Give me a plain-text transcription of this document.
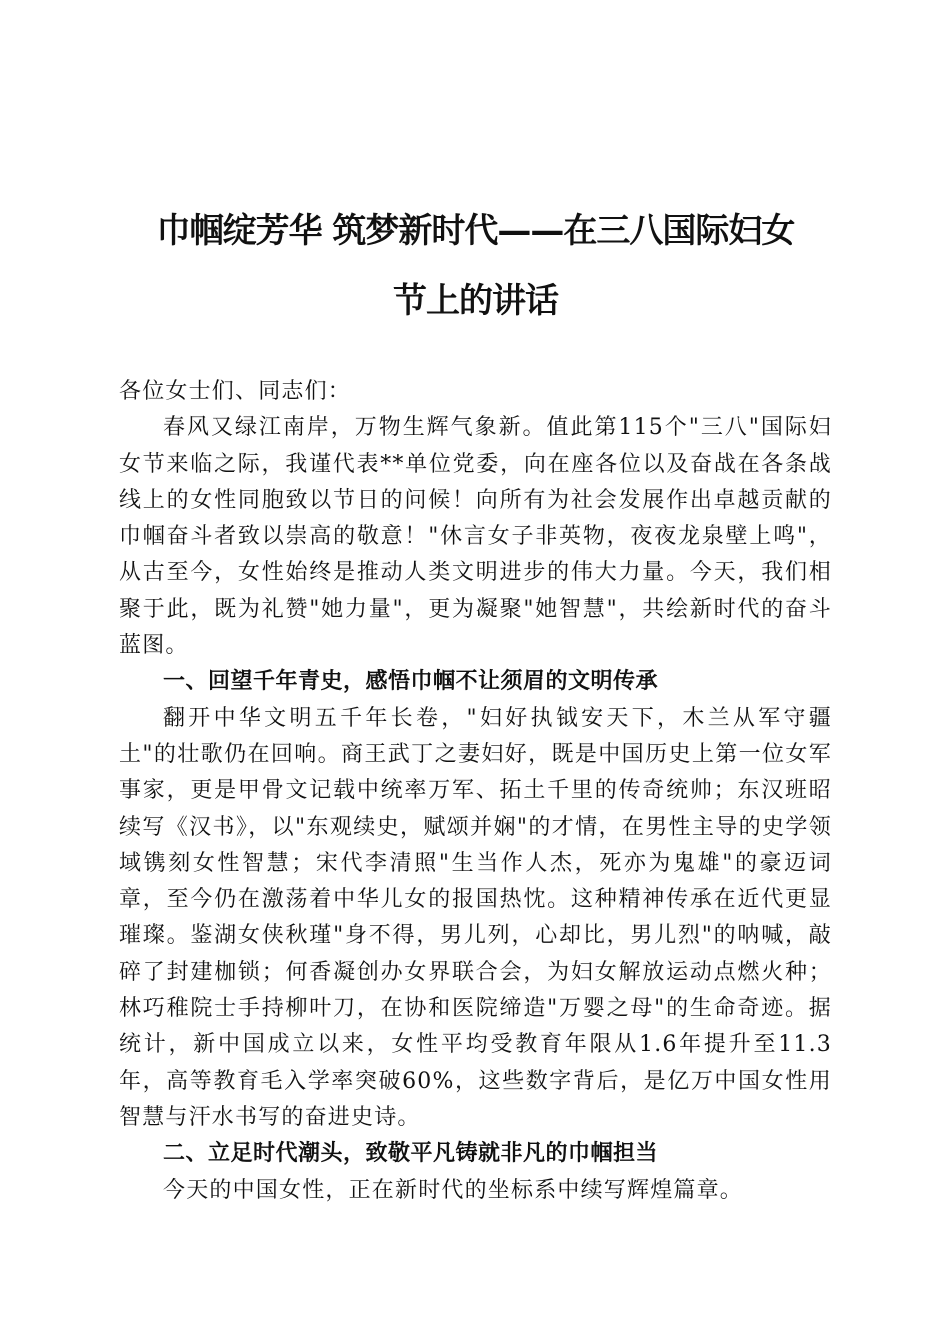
巾帼绽芳华 筑梦新时代——在三八国际妇女
节上的讲话

各位女士们、同志们：

春风又绿江南岸，万物生辉气象新。值此第115个"三八"国际妇女节来临之际，我谨代表**单位党委，向在座各位以及奋战在各条战线上的女性同胞致以节日的问候！向所有为社会发展作出卓越贡献的巾帼奋斗者致以崇高的敬意！"休言女子非英物，夜夜龙泉壁上鸣"，从古至今，女性始终是推动人类文明进步的伟大力量。今天，我们相聚于此，既为礼赞"她力量"，更为凝聚"她智慧"，共绘新时代的奋斗蓝图。

一、回望千年青史，感悟巾帼不让须眉的文明传承

翻开中华文明五千年长卷，"妇好执钺安天下，木兰从军守疆土"的壮歌仍在回响。商王武丁之妻妇好，既是中国历史上第一位女军事家，更是甲骨文记载中统率万军、拓土千里的传奇统帅；东汉班昭续写《汉书》，以"东观续史，赋颂并娴"的才情，在男性主导的史学领域镌刻女性智慧；宋代李清照"生当作人杰，死亦为鬼雄"的豪迈词章，至今仍在激荡着中华儿女的报国热忱。这种精神传承在近代更显璀璨。鉴湖女侠秋瑾"身不得，男儿列，心却比，男儿烈"的呐喊，敲碎了封建枷锁；何香凝创办女界联合会，为妇女解放运动点燃火种；林巧稚院士手持柳叶刀，在协和医院缔造"万婴之母"的生命奇迹。据统计，新中国成立以来，女性平均受教育年限从1.6年提升至11.3年，高等教育毛入学率突破60%，这些数字背后，是亿万中国女性用智慧与汗水书写的奋进史诗。

二、立足时代潮头，致敬平凡铸就非凡的巾帼担当

今天的中国女性，正在新时代的坐标系中续写辉煌篇章。
